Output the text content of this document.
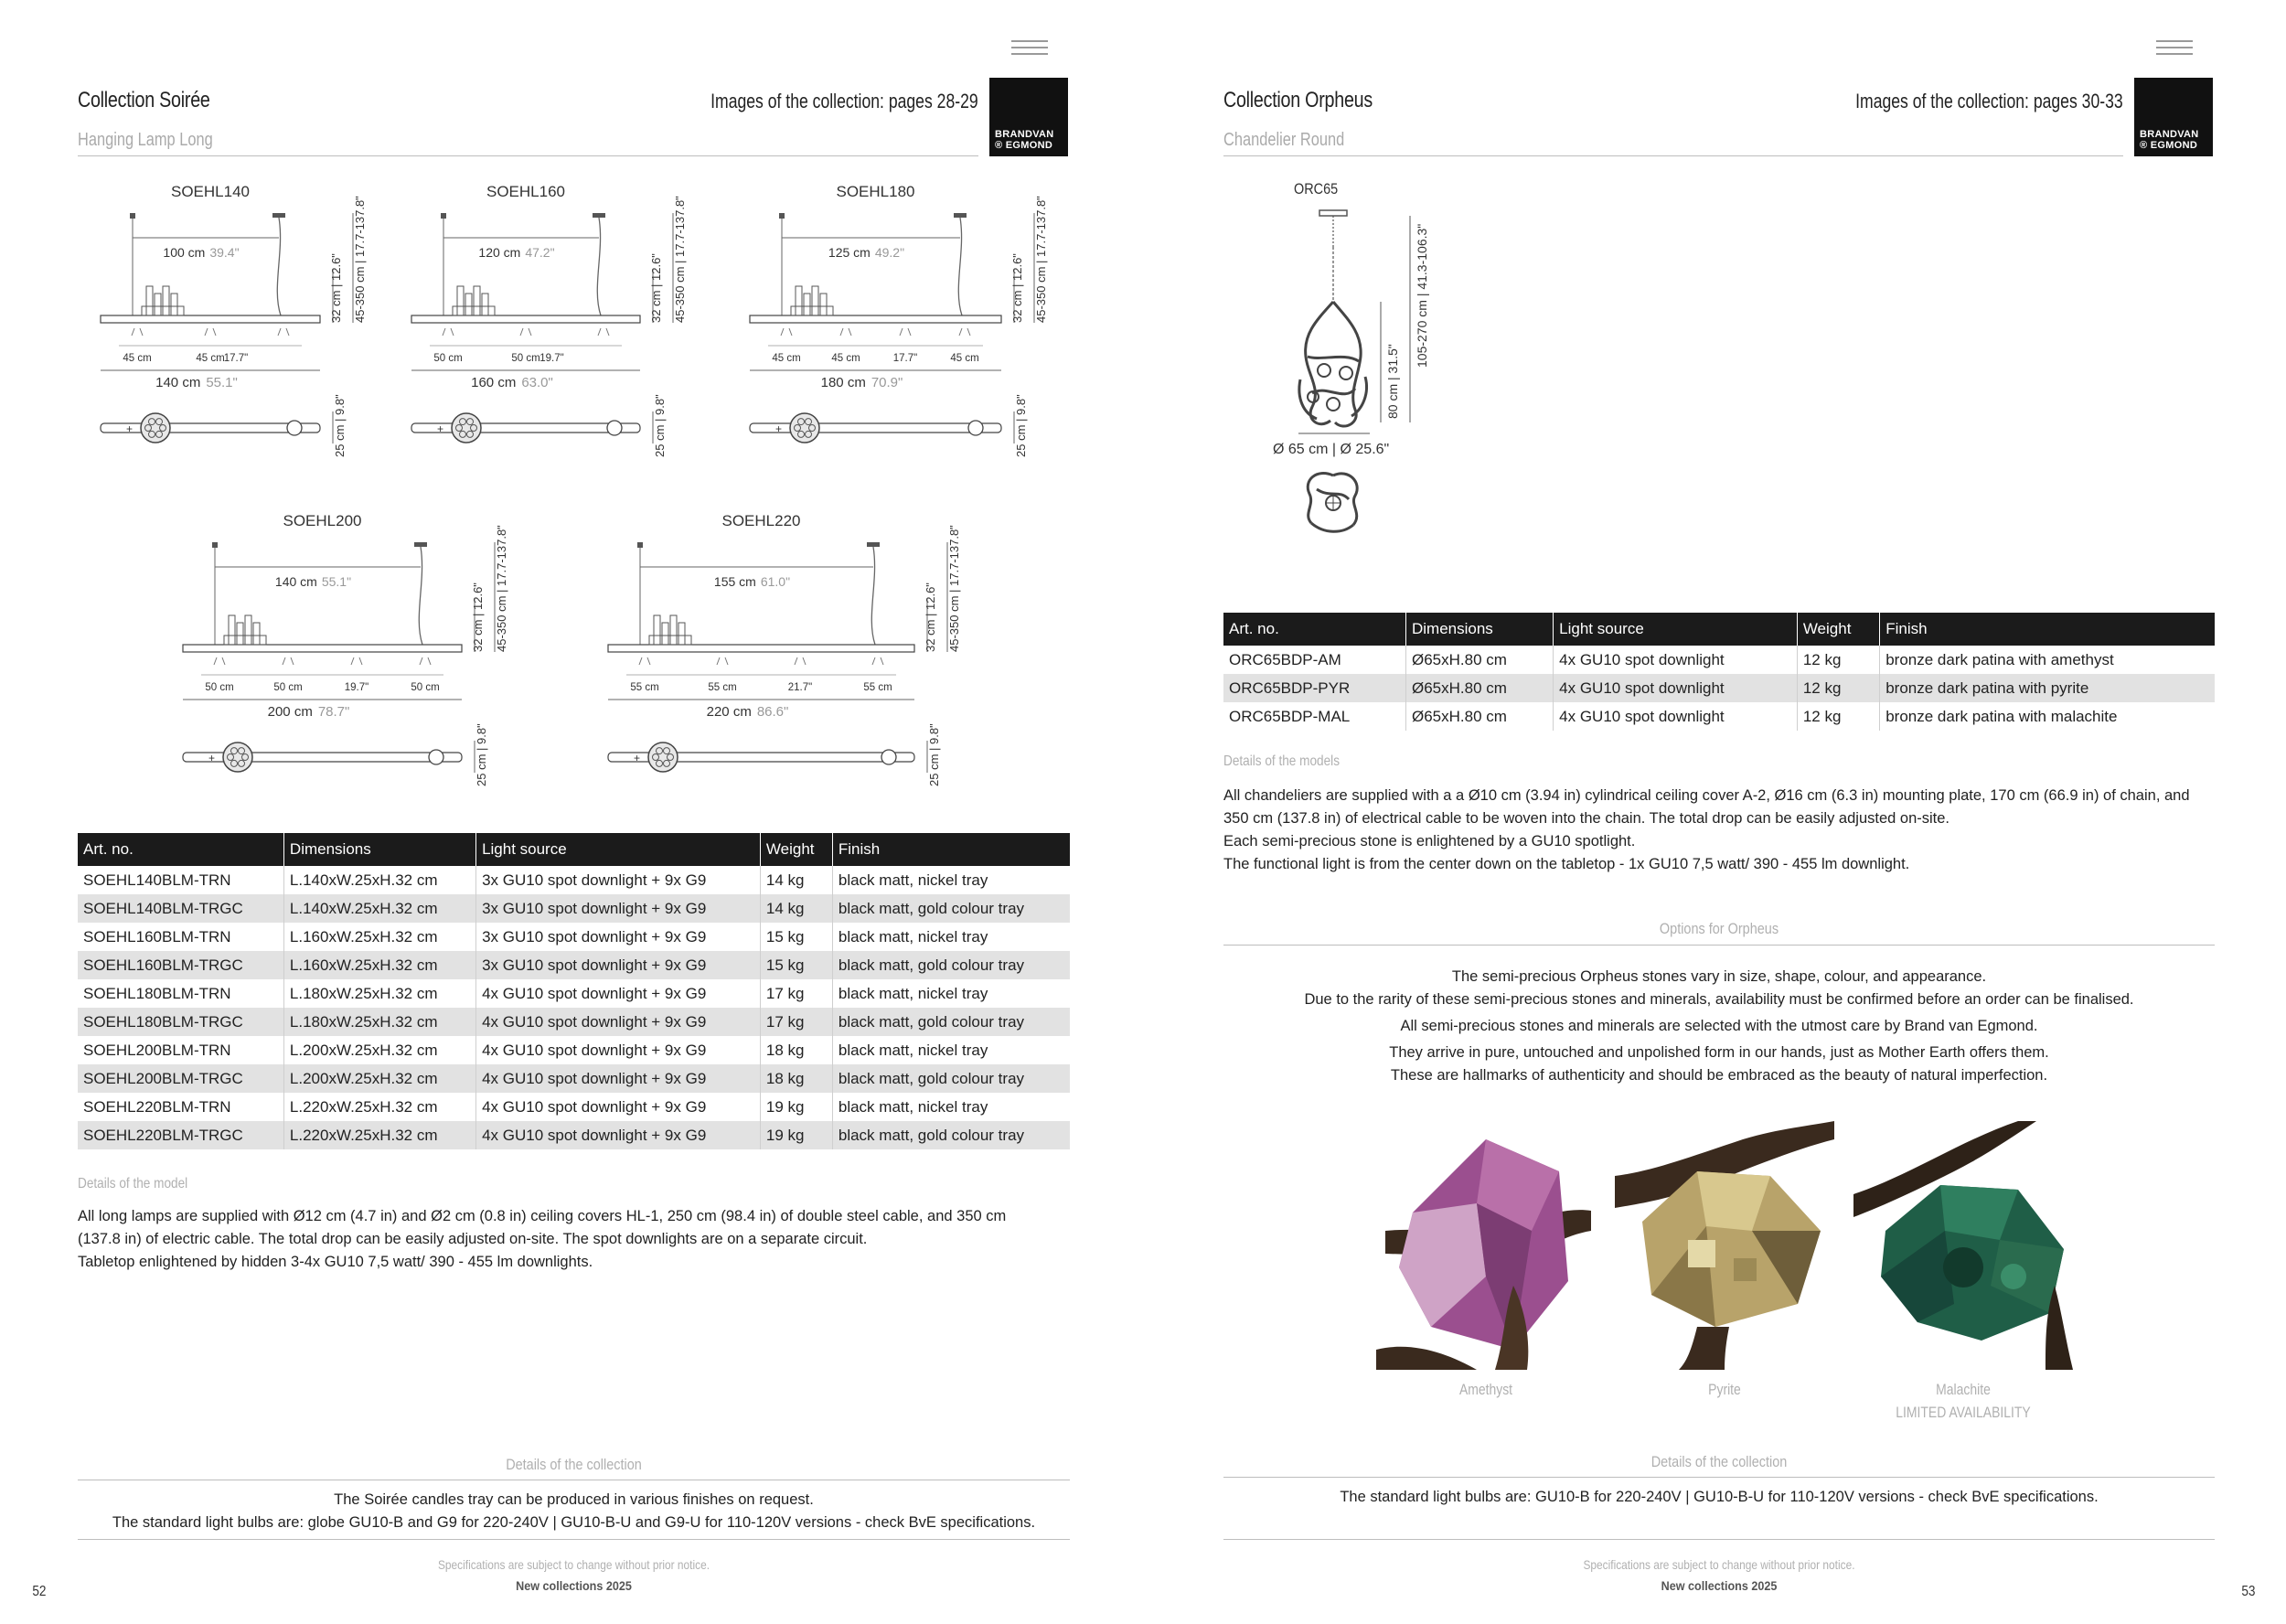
Collection Soirée
Hanging Lamp Long
Images of the collection: pages 28-29
BRANDVAN
® EGMOND
SOEHL140
100 cm 39.4"
45 cm	45 cm 17.7"
140 cm 55.1"
+
32 cm | 12.6" 45-350 cm | 17.7-137.8"
25 cm | 9.8"
SOEHL160
120 cm 47.2"
50 cm	50 cm 19.7"
160 cm 63.0"
+
32 cm | 12.6" 45-350 cm | 17.7-137.8"
25 cm | 9.8"
SOEHL180
125 cm 49.2"
45 cm	45 cm	17.7"	45 cm
180 cm 70.9"
+
32 cm | 12.6" 45-350 cm | 17.7-137.8"
25 cm | 9.8"
SOEHL200
140 cm 55.1"
50 cm	50 cm	19.7"	50 cm
200 cm 78.7"
+
32 cm | 12.6" 45-350 cm | 17.7-137.8"
25 cm | 9.8"
SOEHL220
155 cm 61.0"
55 cm	55 cm	21.7"	55 cm
220 cm 86.6"
+
32 cm | 12.6" 45-350 cm | 17.7-137.8"
25 cm | 9.8"
Art. no.	Dimensions	Light source	Weight	Finish
SOEHL140BLM-TRN	L.140xW.25xH.32 cm	3x GU10 spot downlight + 9x G9	14 kg	black matt, nickel tray
SOEHL140BLM-TRGC	L.140xW.25xH.32 cm	3x GU10 spot downlight + 9x G9	14 kg	black matt, gold colour tray
SOEHL160BLM-TRN	L.160xW.25xH.32 cm	3x GU10 spot downlight + 9x G9	15 kg	black matt, nickel tray
SOEHL160BLM-TRGC	L.160xW.25xH.32 cm	3x GU10 spot downlight + 9x G9	15 kg	black matt, gold colour tray
SOEHL180BLM-TRN	L.180xW.25xH.32 cm	4x GU10 spot downlight + 9x G9	17 kg	black matt, nickel tray
SOEHL180BLM-TRGC	L.180xW.25xH.32 cm	4x GU10 spot downlight + 9x G9	17 kg	black matt, gold colour tray
SOEHL200BLM-TRN	L.200xW.25xH.32 cm	4x GU10 spot downlight + 9x G9	18 kg	black matt, nickel tray
SOEHL200BLM-TRGC	L.200xW.25xH.32 cm	4x GU10 spot downlight + 9x G9	18 kg	black matt, gold colour tray
SOEHL220BLM-TRN	L.220xW.25xH.32 cm	4x GU10 spot downlight + 9x G9	19 kg	black matt, nickel tray
SOEHL220BLM-TRGC	L.220xW.25xH.32 cm	4x GU10 spot downlight + 9x G9	19 kg	black matt, gold colour tray
Details of the model
All long lamps are supplied with Ø12 cm (4.7 in) and Ø2 cm (0.8 in) ceiling covers HL-1, 250 cm (98.4 in) of double steel cable, and 350 cm
(137.8 in) of electric cable. The total drop can be easily adjusted on-site. The spot downlights are on a separate circuit.
Tabletop enlightened by hidden 3-4x GU10 7,5 watt/ 390 - 455 lm downlights.
Details of the collection
The Soirée candles tray can be produced in various finishes on request.
The standard light bulbs are: globe GU10-B and G9 for 220-240V | GU10-B-U and G9-U for 110-120V versions - check BvE specifications.
Specifications are subject to change without prior notice.
New collections 2025
52
Collection Orpheus
Chandelier Round
Images of the collection: pages 30-33
BRANDVAN
® EGMOND
ORC65
Ø 65 cm | Ø 25.6"
80 cm | 31.5"
105-270 cm | 41.3-106.3"
Art. no.	Dimensions	Light source	Weight	Finish
ORC65BDP-AM	Ø65xH.80 cm	4x GU10 spot downlight	12 kg	bronze dark patina with amethyst
ORC65BDP-PYR	Ø65xH.80 cm	4x GU10 spot downlight	12 kg	bronze dark patina with pyrite
ORC65BDP-MAL	Ø65xH.80 cm	4x GU10 spot downlight	12 kg	bronze dark patina with malachite
Details of the models
All chandeliers are supplied with a a Ø10 cm (3.94 in) cylindrical ceiling cover A-2, Ø16 cm (6.3 in) mounting plate, 170 cm (66.9 in) of chain, and
350 cm (137.8 in) of electrical cable to be woven into the chain. The total drop can be easily adjusted on-site.
Each semi-precious stone is enlightened by a GU10 spotlight.
The functional light is from the center down on the tabletop - 1x GU10 7,5 watt/ 390 - 455 lm downlight.
Options for Orpheus
The semi-precious Orpheus stones vary in size, shape, colour, and appearance.
Due to the rarity of these semi-precious stones and minerals, availability must be confirmed before an order can be finalised.
All semi-precious stones and minerals are selected with the utmost care by Brand van Egmond.
They arrive in pure, untouched and unpolished form in our hands, just as Mother Earth offers them.
These are hallmarks of authenticity and should be embraced as the beauty of natural imperfection.
Amethyst	Pyrite	Malachite
LIMITED AVAILABILITY
Details of the collection
The standard light bulbs are: GU10-B for 220-240V | GU10-B-U for 110-120V versions - check BvE specifications.
Specifications are subject to change without prior notice.
New collections 2025	53
